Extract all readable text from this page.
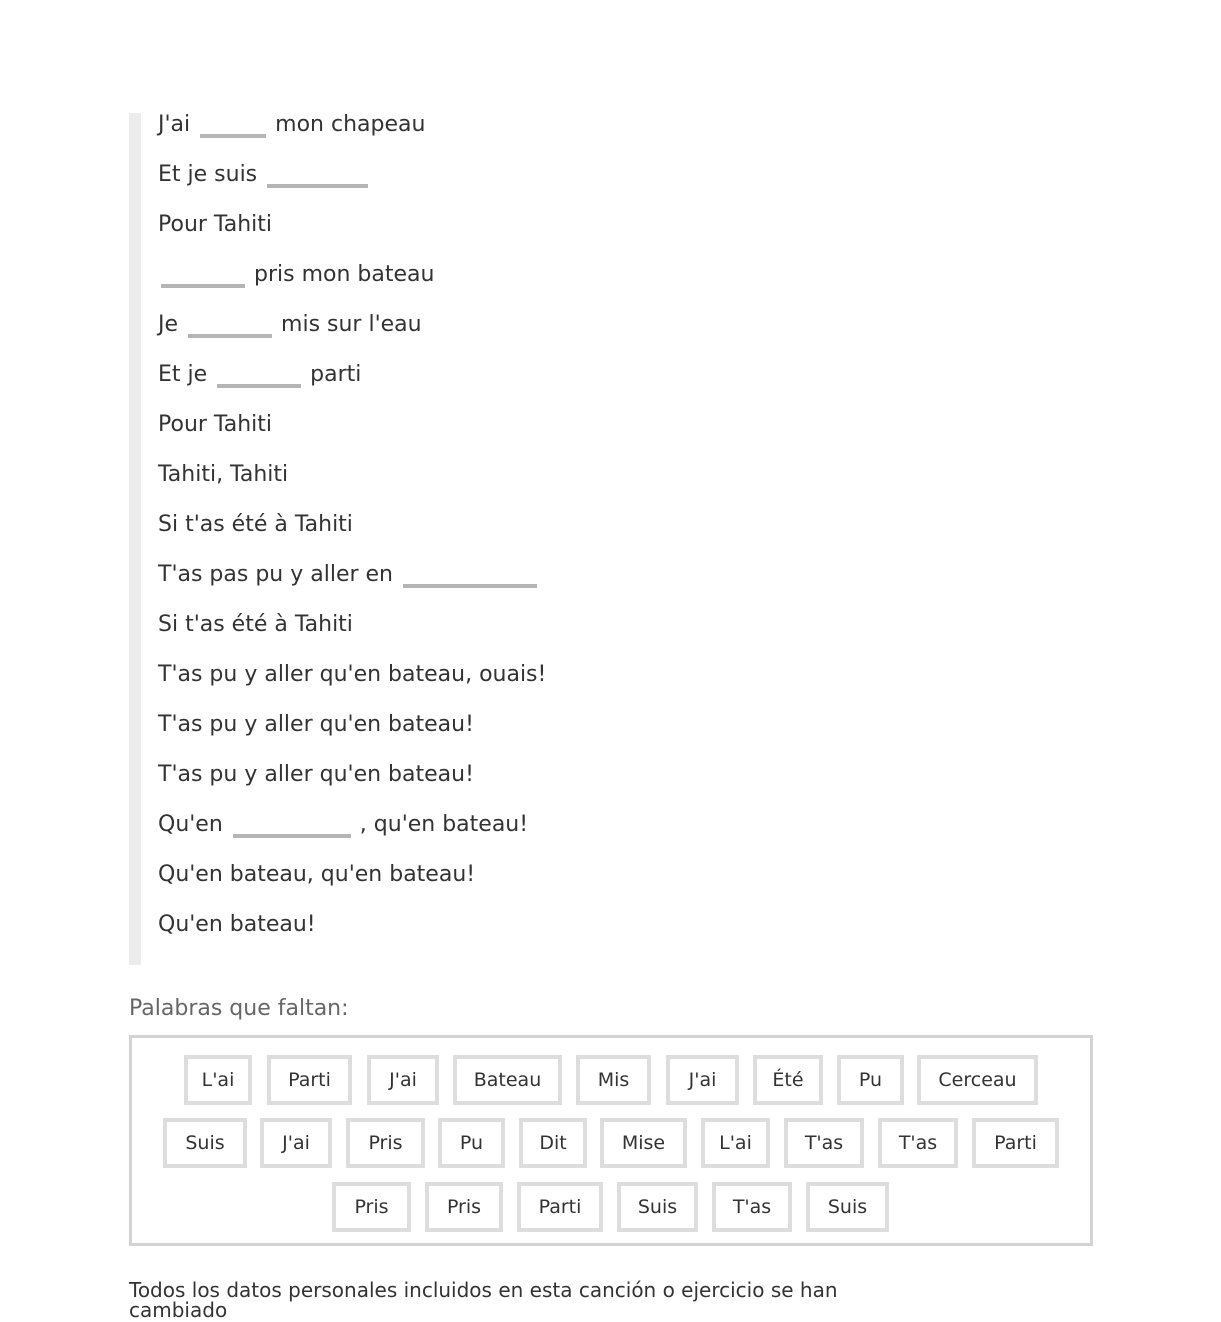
J'ai	mon chapeau
Et je suis
Pour Tahiti
pris mon bateau
Je	mis sur l'eau
Et je	parti
Pour Tahiti
Tahiti, Tahiti
Si t'as été à Tahiti
T'as pas pu y aller en
Si t'as été à Tahiti
T'as pu y aller qu'en bateau, ouais!
T'as pu y aller qu'en bateau!
T'as pu y aller qu'en bateau!
Qu'en	, qu'en bateau!
Qu'en bateau, qu'en bateau!
Qu'en bateau!
Palabras que faltan:
L'ai	Parti	J'ai	Bateau	Mis	J'ai	Été	Pu	Cerceau
Suis	J'ai	Pris	Pu	Dit	Mise	L'ai	T'as	T'as	Parti
Pris	Pris	Parti	Suis	T'as	Suis
Todos los datos personales incluidos en esta canción o ejercicio se han cambiado
